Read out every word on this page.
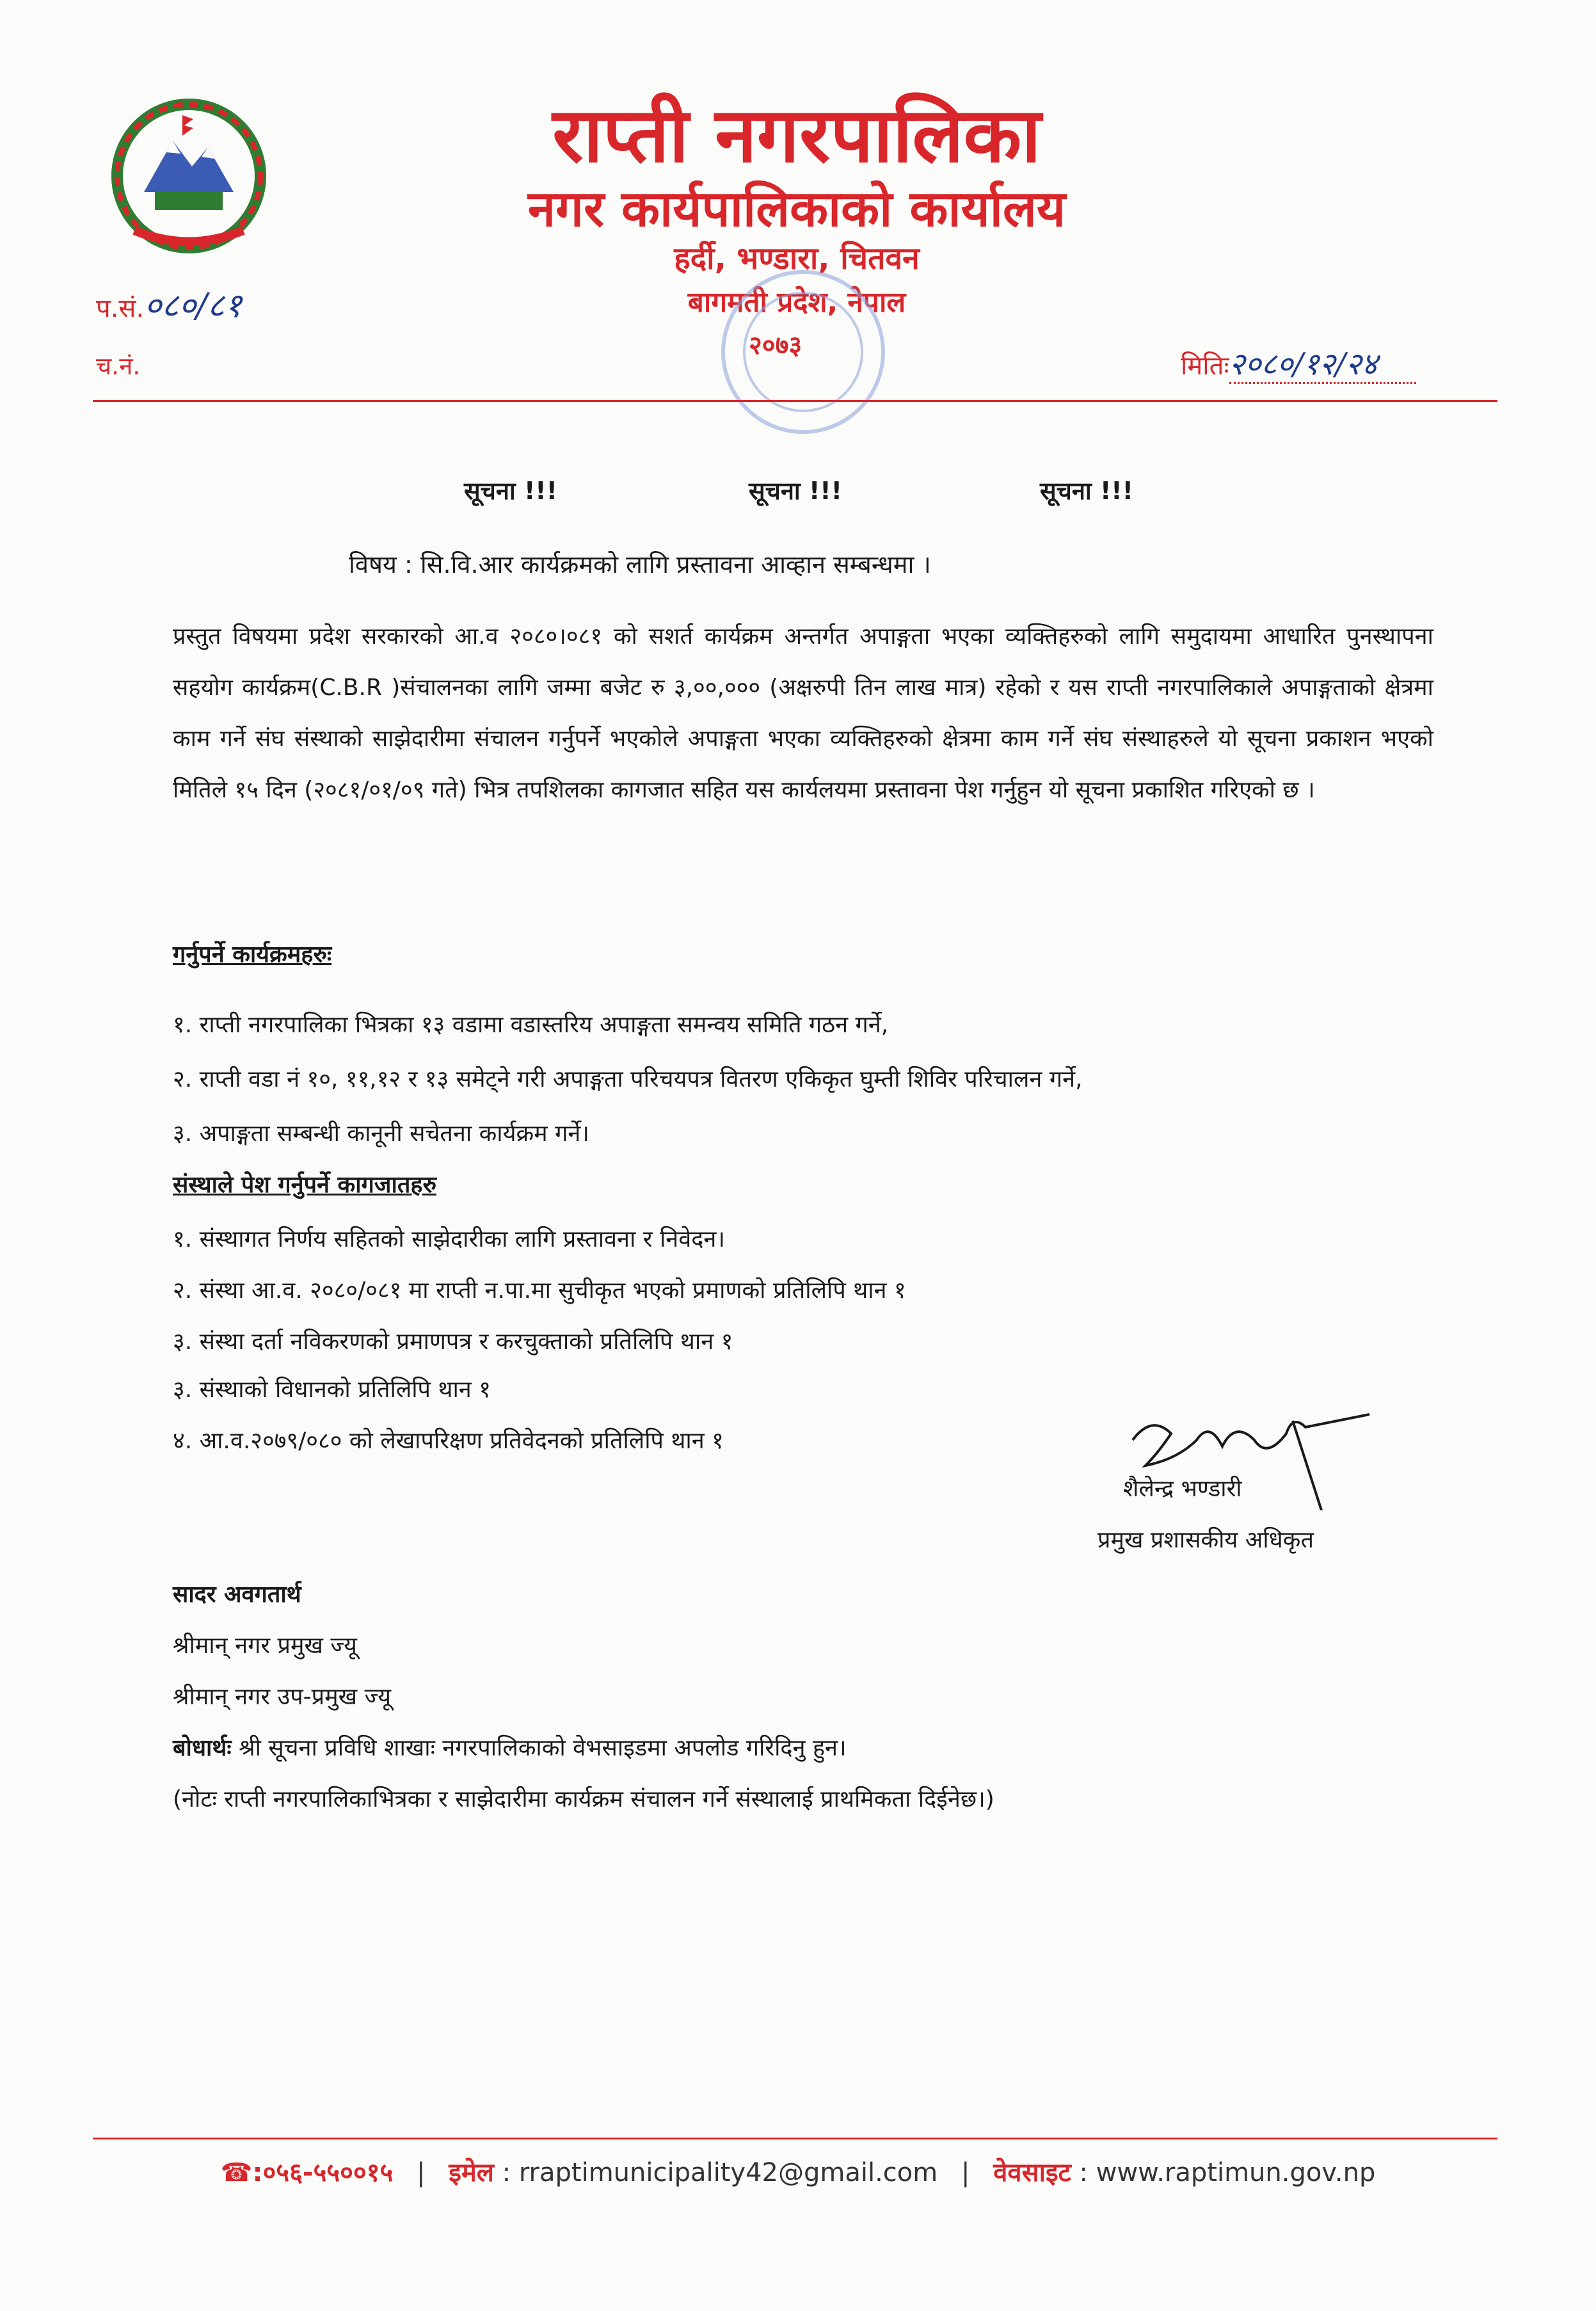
राप्ती नगरपालिका
नगर कार्यपालिकाको कार्यालय
हर्दी, भण्डारा, चितवन
बागमती प्रदेश, नेपाल
२०७३
प.सं.०८०/८१
च.नं.	मितिः२०८०/१२/२४
सूचना !!!	सूचना !!!	सूचना !!!
विषय : सि.वि.आर कार्यक्रमको लागि प्रस्तावना आव्हान सम्बन्धमा ।
प्रस्तुत विषयमा प्रदेश सरकारको आ.व २०८०।०८१ को सशर्त कार्यक्रम अन्तर्गत अपाङ्गता भएका व्यक्तिहरुको लागि समुदायमा आधारित पुनस्थापना सहयोग कार्यक्रम(C.B.R )संचालनका लागि जम्मा बजेट रु ३,००,००० (अक्षरुपी तिन लाख मात्र) रहेको र यस राप्ती नगरपालिकाले अपाङ्गताको क्षेत्रमा काम गर्ने संघ संस्थाको साझेदारीमा संचालन गर्नुपर्ने भएकोले अपाङ्गता भएका व्यक्तिहरुको क्षेत्रमा काम गर्ने संघ संस्थाहरुले यो सूचना प्रकाशन भएको मितिले १५ दिन (२०८१/०१/०९ गते) भित्र तपशिलका कागजात सहित यस कार्यलयमा प्रस्तावना पेश गर्नुहुन यो सूचना प्रकाशित गरिएको छ ।
गर्नुपर्ने कार्यक्रमहरुः
१. राप्ती नगरपालिका भित्रका १३ वडामा वडास्तरिय अपाङ्गता समन्वय समिति गठन गर्ने,
२. राप्ती वडा नं १०, ११,१२ र १३ समेट्ने गरी अपाङ्गता परिचयपत्र वितरण एकिकृत घुम्ती शिविर परिचालन गर्ने,
३. अपाङ्गता सम्बन्धी कानूनी सचेतना कार्यक्रम गर्ने।
संस्थाले पेश गर्नुपर्ने कागजातहरु
१. संस्थागत निर्णय सहितको साझेदारीका लागि प्रस्तावना र निवेदन।
२. संस्था आ.व. २०८०/०८१ मा राप्ती न.पा.मा सुचीकृत भएको प्रमाणको प्रतिलिपि थान १
३. संस्था दर्ता नविकरणको प्रमाणपत्र र करचुक्ताको प्रतिलिपि थान १
३. संस्थाको विधानको प्रतिलिपि थान १
४. आ.व.२०७९/०८० को लेखापरिक्षण प्रतिवेदनको प्रतिलिपि थान १
शैलेन्द्र भण्डारी
प्रमुख प्रशासकीय अधिकृत
सादर अवगतार्थ
श्रीमान् नगर प्रमुख ज्यू
श्रीमान् नगर उप-प्रमुख ज्यू
बोधार्थः श्री सूचना प्रविधि शाखाः नगरपालिकाको वेभसाइडमा अपलोड गरिदिनु हुन।
(नोटः राप्ती नगरपालिकाभित्रका र साझेदारीमा कार्यक्रम संचालन गर्ने संस्थालाई प्राथमिकता दिईनेछ।)
☎:०५६-५५००१५ | इमेल : rraptimunicipality42@gmail.com | वेवसाइट : www.raptimun.gov.np
